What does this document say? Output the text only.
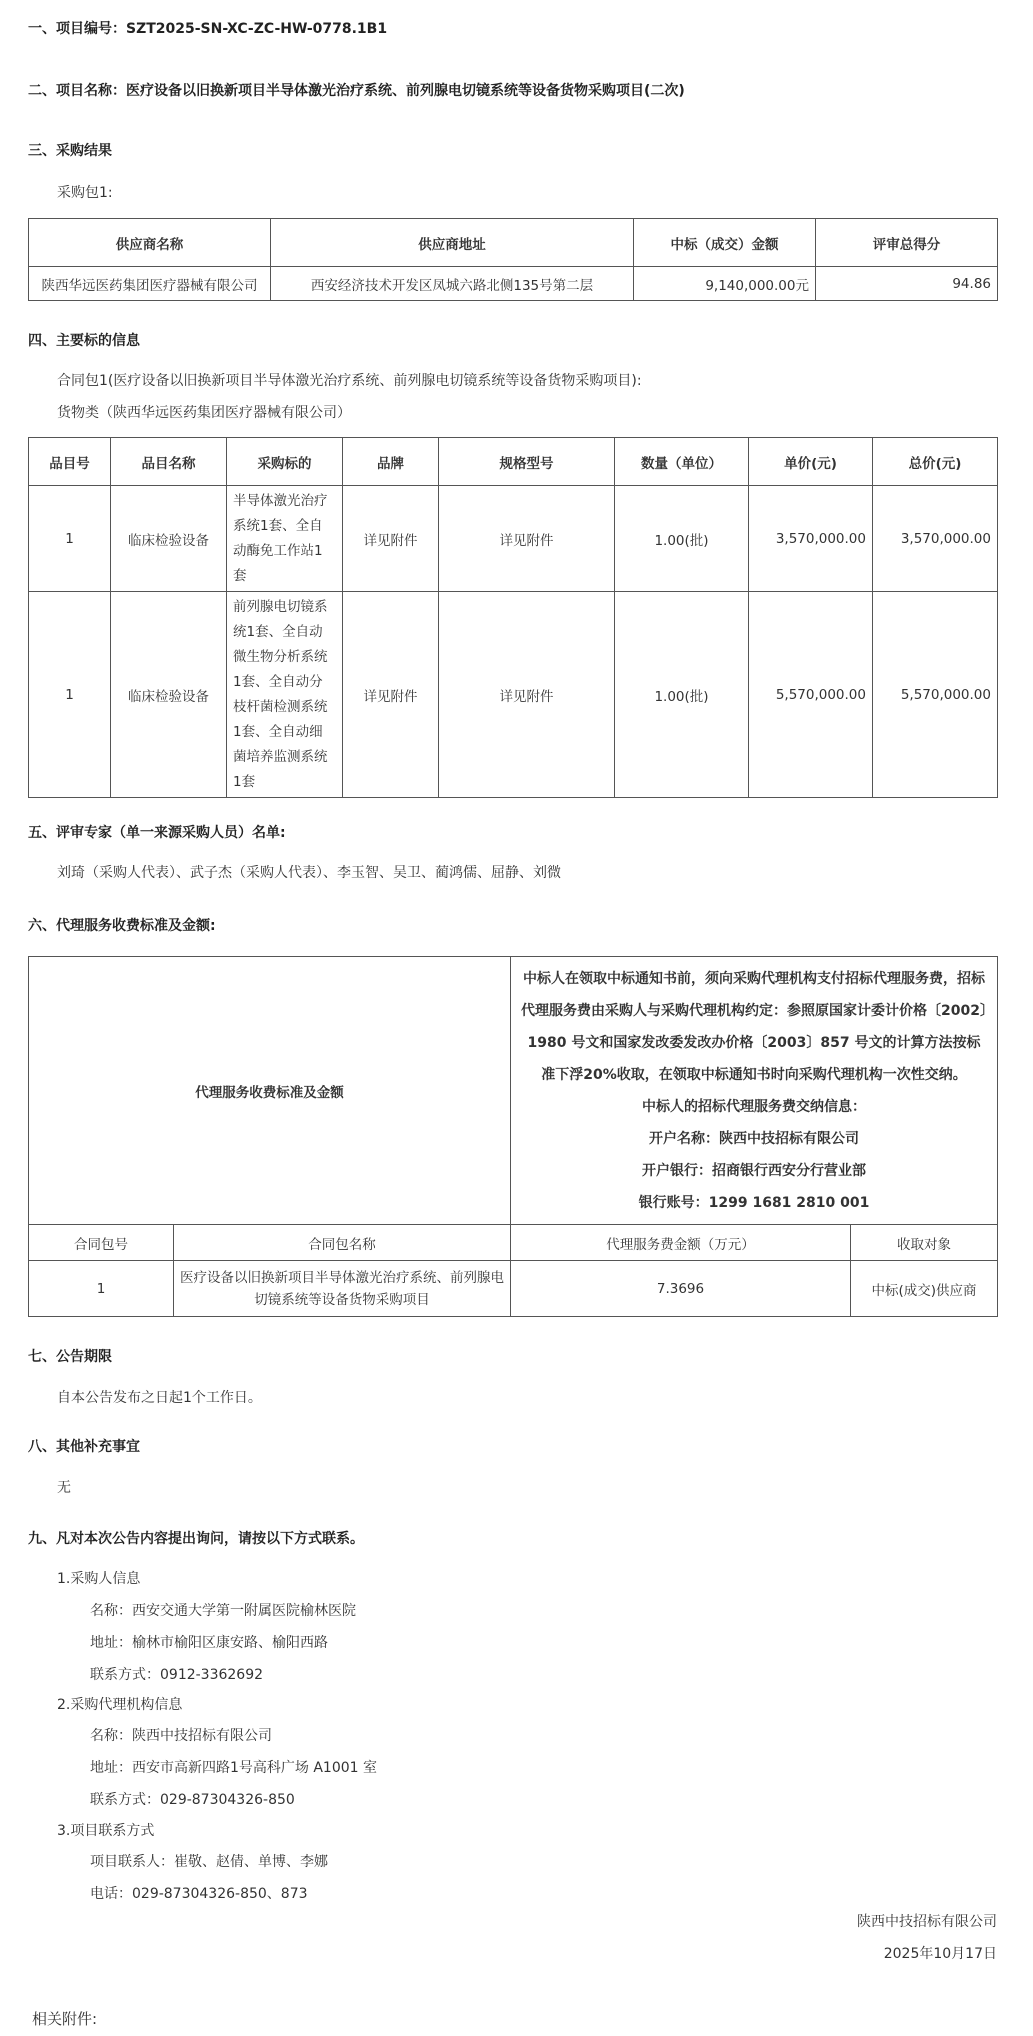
一、项目编号：SZT2025-SN-XC-ZC-HW-0778.1B1
二、项目名称：医疗设备以旧换新项目半导体激光治疗系统、前列腺电切镜系统等设备货物采购项目(二次)
三、采购结果
采购包1:
供应商名称	供应商地址	中标（成交）金额	评审总得分
陕西华远医药集团医疗器械有限公司	西安经济技术开发区凤城六路北侧135号第二层	9,140,000.00元	94.86
四、主要标的信息
合同包1(医疗设备以旧换新项目半导体激光治疗系统、前列腺电切镜系统等设备货物采购项目):
货物类（陕西华远医药集团医疗器械有限公司）
品目号	品目名称	采购标的	品牌	规格型号	数量（单位）	单价(元)	总价(元)
1	临床检验设备	半导体激光治疗系统1套、全自动酶免工作站1套	详见附件	详见附件	1.00(批)	3,570,000.00	3,570,000.00
1	临床检验设备	前列腺电切镜系统1套、全自动微生物分析系统1套、全自动分枝杆菌检测系统1套、全自动细菌培养监测系统1套	详见附件	详见附件	1.00(批)	5,570,000.00	5,570,000.00
五、评审专家（单一来源采购人员）名单:
刘琦（采购人代表）、武子杰（采购人代表）、李玉智、吴卫、蔺鸿儒、屈静、刘微
六、代理服务收费标准及金额:
代理服务收费标准及金额		中标人在领取中标通知书前，须向采购代理机构支付招标代理服务费，招标代理服务费由采购人与采购代理机构约定：参照原国家计委计价格〔2002〕1980 号文和国家发改委发改办价格〔2003〕857 号文的计算方法按标准下浮20%收取，在领取中标通知书时向采购代理机构一次性交纳。
中标人的招标代理服务费交纳信息：
开户名称：陕西中技招标有限公司
开户银行：招商银行西安分行营业部
银行账号：1299 1681 2810 001	

合同包号	合同包名称	代理服务费金额（万元）	收取对象
1	医疗设备以旧换新项目半导体激光治疗系统、前列腺电切镜系统等设备货物采购项目	7.3696	中标(成交)供应商
七、公告期限
自本公告发布之日起1个工作日。
八、其他补充事宜
无
九、凡对本次公告内容提出询问，请按以下方式联系。
1.采购人信息
名称：西安交通大学第一附属医院榆林医院
地址：榆林市榆阳区康安路、榆阳西路
联系方式：0912-3362692
2.采购代理机构信息
名称：陕西中技招标有限公司
地址：西安市高新四路1号高科广场 A1001 室
联系方式：029-87304326-850
3.项目联系方式
项目联系人：崔敬、赵倩、单博、李娜
电话：029-87304326-850、873
陕西中技招标有限公司
2025年10月17日
相关附件:
